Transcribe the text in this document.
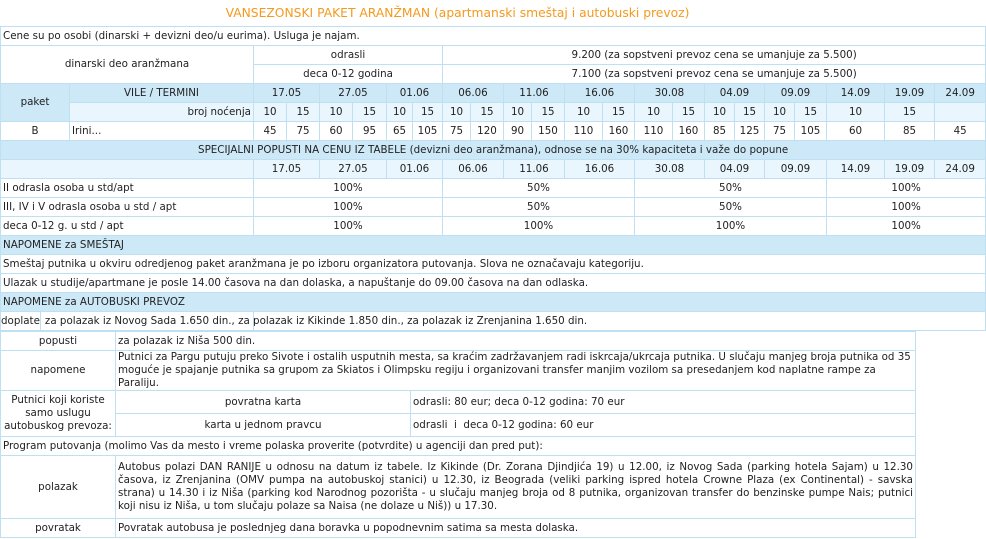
VANSEZONSKI PAKET ARANŽMAN (apartmanski smeštaj i autobuski prevoz)
Cene su po osobi (dinarski + devizni deo/u eurima). Usluga je najam.																						
dinarski deo aranžmana		odrasli						9.200 (za sopstveni prevoz cena se umanjuje za 5.500)														
		deca 0-12 godina						7.100 (za sopstveni prevoz cena se umanjuje za 5.500)														
paket	VILE / TERMINI	17.05		27.05		01.06		06.06		11.06		16.06		30.08		04.09		09.09		14.09	19.09	24.09
	broj noćenja	10	15	10	15	10	15	10	15	10	15	10	15	10	15	10	15	10	15	10	15	
B	Irini...	45	75	60	95	65	105	75	120	90	150	110	160	110	160	85	125	75	105	60	85	45
SPECIJALNI POPUSTI NA CENU IZ TABELE (devizni deo aranžmana), odnose se na 30% kapaciteta i važe do popune																						
		17.05		27.05		01.06		06.06		11.06		16.06		30.08		04.09		09.09		14.09	19.09	24.09
II odrasla osoba u std/apt		100%						50%						50%						100%		
III, IV i V odrasla osoba u std / apt		100%						50%						50%						100%		
deca 0-12 g. u std / apt		100%						100%						100%						100%		
NAPOMENE za SMEŠTAJ																						
Smeštaj putnika u okviru odredjenog paket aranžmana je po izboru organizatora putovanja. Slova ne označavaju kategoriju.																						
Ulazak u studije/apartmane je posle 14.00 časova na dan dolaska, a napuštanje do 09.00 časova na dan odlaska.																						
NAPOMENE za AUTOBUSKI PREVOZ																						

doplate za polazak iz Novog Sada 1.650 din., za polazak iz Kikinde 1.850 din., za polazak iz Zrenjanina 1.650 din.																						

popusti	za polazak iz Niša 500 din.	
napomene	Putnici za Pargu putuju preko Sivote i ostalih usputnih mesta, sa kraćim zadržavanjem radi iskrcaja/ukrcaja putnika. U slučaju manjeg broja putnika od 35 moguće je spajanje putnika sa grupom za Skiatos i Olimpsku regiju i organizovani transfer manjim vozilom sa presedanjem kod naplatne rampe za Paraliju.	
Putnici koji koriste samo uslugu autobuskog prevoza:	povratna karta	odrasli: 80 eur; deca 0-12 godina: 70 eur
	karta u jednom pravcu	odrasli  i  deca 0-12 godina: 60 eur
Program putovanja (molimo Vas da mesto i vreme polaska proverite (potvrdite) u agenciji dan pred put):		
polazak	Autobus polazi DAN RANIJE u odnosu na datum iz tabele. Iz Kikinde (Dr. Zorana Djindjića 19) u 12.00, iz Novog Sada (parking hotela Sajam) u 12.30 časova, iz Zrenjanina (OMV pumpa na autobuskoj stanici) u 12.30, iz Beograda (veliki parking ispred hotela Crowne Plaza (ex Continental) - savska strana) u 14.30 i iz Niša (parking kod Narodnog pozorišta - u slučaju manjeg broja od 8 putnika, organizovan transfer do benzinske pumpe Nais; putnici koji nisu iz Niša, u tom slučaju polaze sa Naisa (ne dolaze u Niš)) u 17.30.	
povratak	Povratak autobusa je poslednjeg dana boravka u popodnevnim satima sa mesta dolaska.	
